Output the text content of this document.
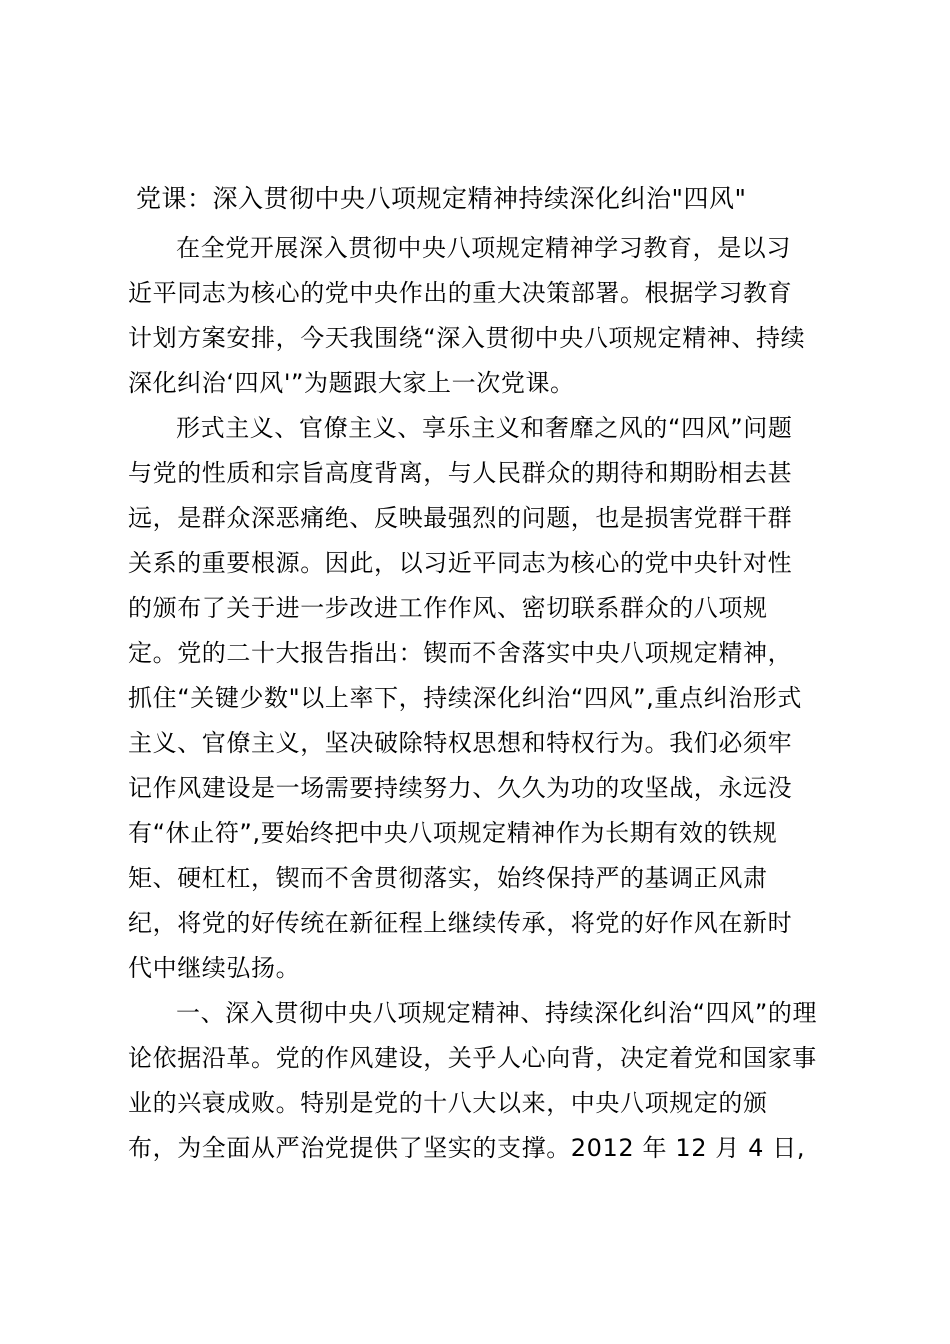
党课：深入贯彻中央八项规定精神持续深化纠治"四风"
在全党开展深入贯彻中央八项规定精神学习教育，是以习
近平同志为核心的党中央作出的重大决策部署。根据学习教育
计划方案安排，今天我围绕“深入贯彻中央八项规定精神、持续
深化纠治‘四风'”为题跟大家上一次党课。
形式主义、官僚主义、享乐主义和奢靡之风的“四风”问题
与党的性质和宗旨高度背离，与人民群众的期待和期盼相去甚
远，是群众深恶痛绝、反映最强烈的问题，也是损害党群干群
关系的重要根源。因此，以习近平同志为核心的党中央针对性
的颁布了关于进一步改进工作作风、密切联系群众的八项规
定。党的二十大报告指出：锲而不舍落实中央八项规定精神，
抓住“关键少数"以上率下，持续深化纠治“四风”,重点纠治形式
主义、官僚主义，坚决破除特权思想和特权行为。我们必须牢
记作风建设是一场需要持续努力、久久为功的攻坚战，永远没
有“休止符”,要始终把中央八项规定精神作为长期有效的铁规
矩、硬杠杠，锲而不舍贯彻落实，始终保持严的基调正风肃
纪，将党的好传统在新征程上继续传承，将党的好作风在新时
代中继续弘扬。
一、深入贯彻中央八项规定精神、持续深化纠治“四风”的理
论依据沿革。党的作风建设，关乎人心向背，决定着党和国家事
业的兴衰成败。特别是党的十八大以来，中央八项规定的颁
布，为全面从严治党提供了坚实的支撑。2012 年 12 月 4 日,
